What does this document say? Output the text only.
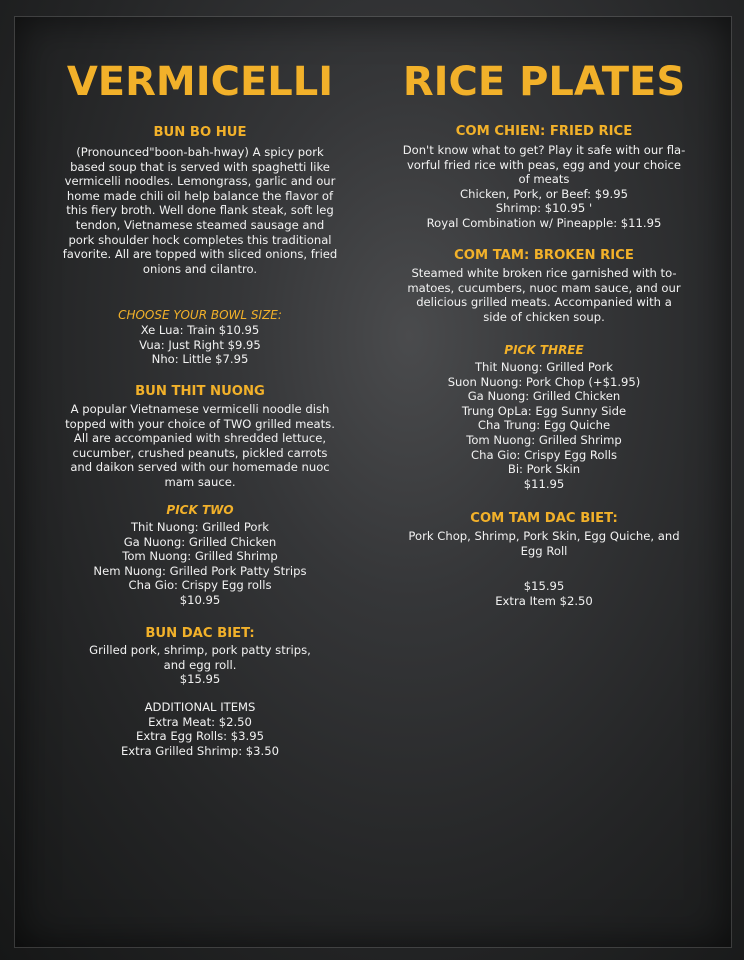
VERMICELLI
BUN BO HUE
(Pronounced"boon-bah-hway) A spicy pork
based soup that is served with spaghetti like
vermicelli noodles. Lemongrass, garlic and our
home made chili oil help balance the flavor of
this fiery broth. Well done flank steak, soft leg
tendon, Vietnamese steamed sausage and
pork shoulder hock completes this traditional
favorite. All are topped with sliced onions, fried
onions and cilantro.
CHOOSE YOUR BOWL SIZE:
Xe Lua: Train $10.95
Vua: Just Right $9.95
Nho: Little $7.95
BUN THIT NUONG
A popular Vietnamese vermicelli noodle dish
topped with your choice of TWO grilled meats.
All are accompanied with shredded lettuce,
cucumber, crushed peanuts, pickled carrots
and daikon served with our homemade nuoc
mam sauce.
PICK TWO
Thit Nuong: Grilled Pork
Ga Nuong: Grilled Chicken
Tom Nuong: Grilled Shrimp
Nem Nuong: Grilled Pork Patty Strips
Cha Gio: Crispy Egg rolls
$10.95
BUN DAC BIET:
Grilled pork, shrimp, pork patty strips,
and egg roll.
$15.95
ADDITIONAL ITEMS
Extra Meat: $2.50
Extra Egg Rolls: $3.95
Extra Grilled Shrimp: $3.50
RICE PLATES
COM CHIEN: FRIED RICE
Don't know what to get? Play it safe with our fla-
vorful fried rice with peas, egg and your choice
of meats
Chicken, Pork, or Beef: $9.95
Shrimp: $10.95 '
Royal Combination w/ Pineapple: $11.95
COM TAM: BROKEN RICE
Steamed white broken rice garnished with to-
matoes, cucumbers, nuoc mam sauce, and our
delicious grilled meats. Accompanied with a
side of chicken soup.
PICK THREE
Thit Nuong: Grilled Pork
Suon Nuong: Pork Chop (+$1.95)
Ga Nuong: Grilled Chicken
Trung OpLa: Egg Sunny Side
Cha Trung: Egg Quiche
Tom Nuong: Grilled Shrimp
Cha Gio: Crispy Egg Rolls
Bi: Pork Skin
$11.95
COM TAM DAC BIET:
Pork Chop, Shrimp, Pork Skin, Egg Quiche, and
Egg Roll
$15.95
Extra Item $2.50
